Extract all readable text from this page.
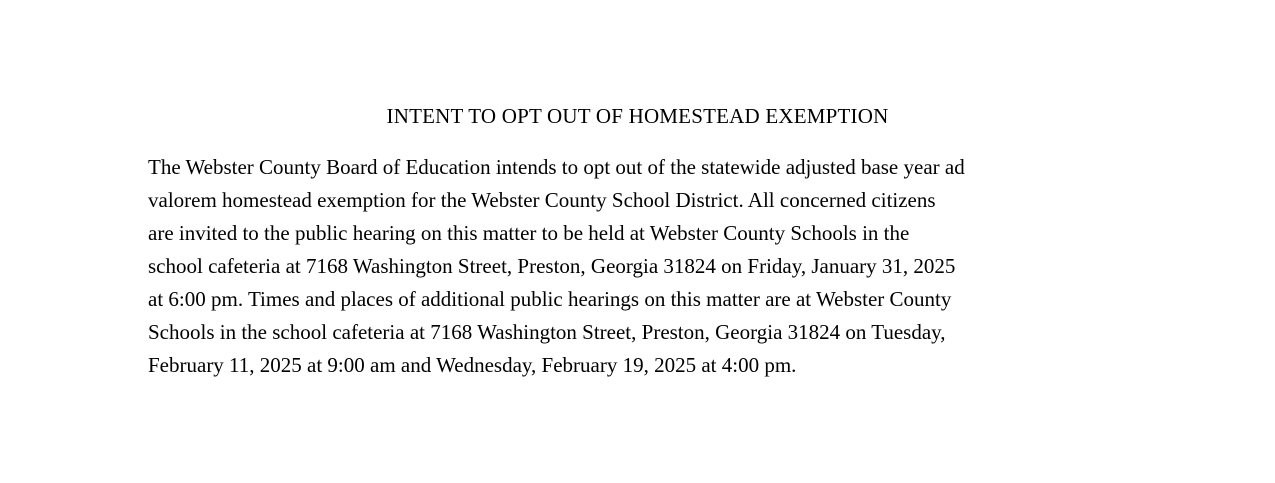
INTENT TO OPT OUT OF HOMESTEAD EXEMPTION
The Webster County Board of Education intends to opt out of the statewide adjusted base year ad
valorem homestead exemption for the Webster County School District. All concerned citizens
are invited to the public hearing on this matter to be held at Webster County Schools in the
school cafeteria at 7168 Washington Street, Preston, Georgia 31824 on Friday, January 31, 2025
at 6:00 pm. Times and places of additional public hearings on this matter are at Webster County
Schools in the school cafeteria at 7168 Washington Street, Preston, Georgia 31824 on Tuesday,
February 11, 2025 at 9:00 am and Wednesday, February 19, 2025 at 4:00 pm.
